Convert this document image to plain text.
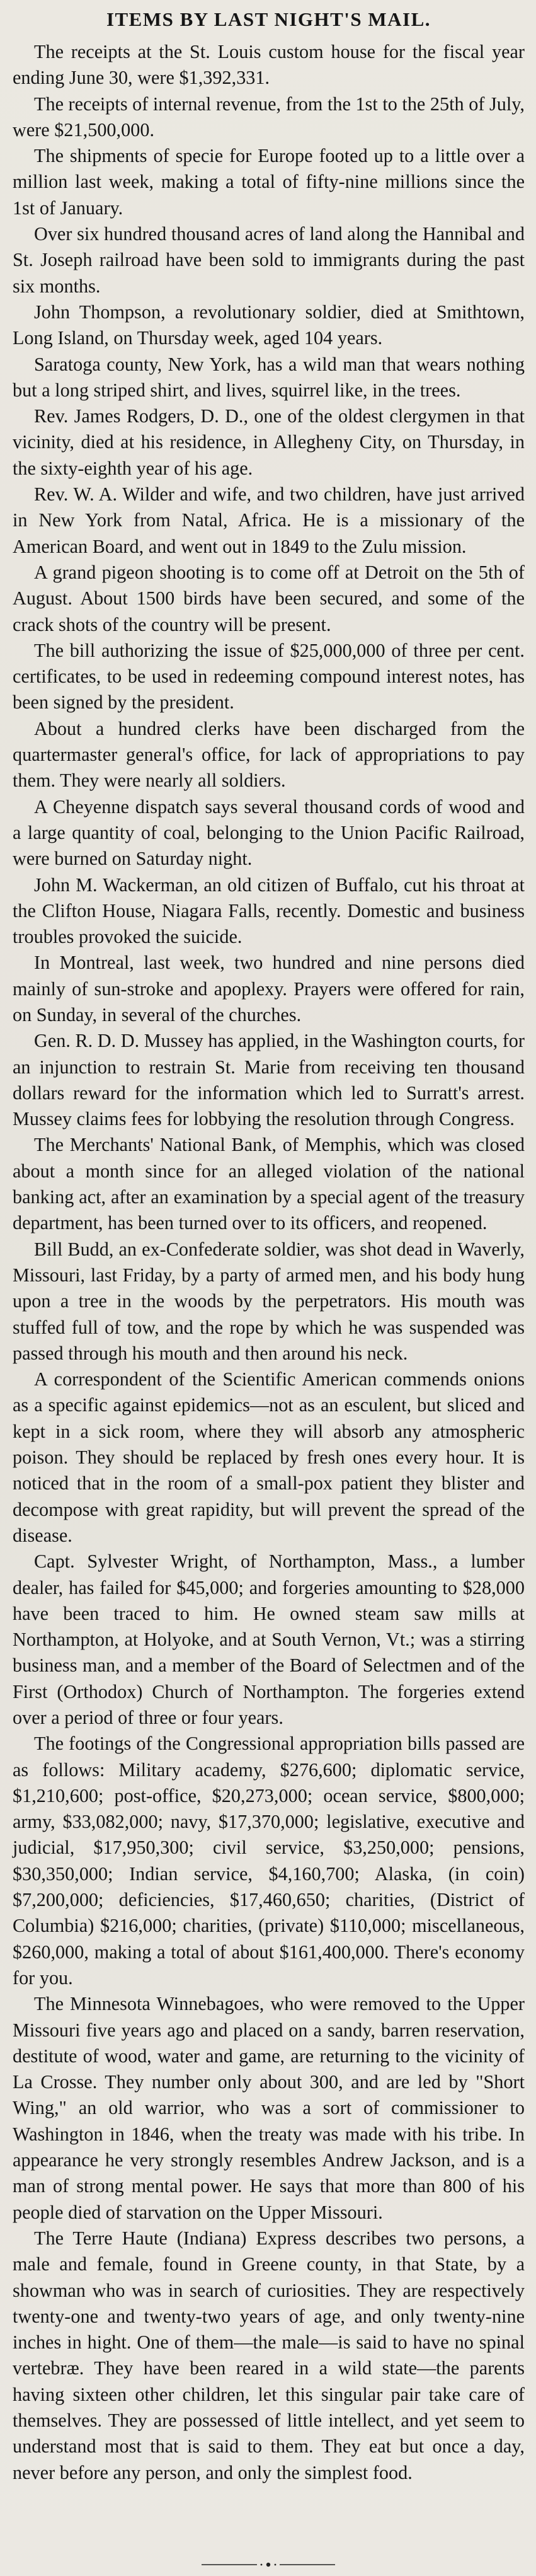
ITEMS BY LAST NIGHT'S MAIL.

The receipts at the St. Louis custom house for the fiscal year ending June 30, were $1,392,331.

The receipts of internal revenue, from the 1st to the 25th of July, were $21,500,000.

The shipments of specie for Europe footed up to a little over a million last week, making a total of fifty-nine millions since the 1st of January.

Over six hundred thousand acres of land along the Hannibal and St. Joseph railroad have been sold to immigrants during the past six months.

John Thompson, a revolutionary soldier, died at Smithtown, Long Island, on Thursday week, aged 104 years.

Saratoga county, New York, has a wild man that wears nothing but a long striped shirt, and lives, squirrel like, in the trees.

Rev. James Rodgers, D. D., one of the oldest clergymen in that vicinity, died at his residence, in Allegheny City, on Thursday, in the sixty-eighth year of his age.

Rev. W. A. Wilder and wife, and two children, have just arrived in New York from Natal, Africa. He is a missionary of the American Board, and went out in 1849 to the Zulu mission.

A grand pigeon shooting is to come off at Detroit on the 5th of August. About 1500 birds have been secured, and some of the crack shots of the country will be present.

The bill authorizing the issue of $25,000,000 of three per cent. certificates, to be used in redeeming compound interest notes, has been signed by the president.

About a hundred clerks have been discharged from the quartermaster general's office, for lack of appropriations to pay them. They were nearly all soldiers.

A Cheyenne dispatch says several thousand cords of wood and a large quantity of coal, belonging to the Union Pacific Railroad, were burned on Saturday night.

John M. Wackerman, an old citizen of Buffalo, cut his throat at the Clifton House, Niagara Falls, recently. Domestic and business troubles provoked the suicide.

In Montreal, last week, two hundred and nine persons died mainly of sun-stroke and apoplexy. Prayers were offered for rain, on Sunday, in several of the churches.

Gen. R. D. D. Mussey has applied, in the Washington courts, for an injunction to restrain St. Marie from receiving ten thousand dollars reward for the information which led to Surratt's arrest. Mussey claims fees for lobbying the resolution through Congress.

The Merchants' National Bank, of Memphis, which was closed about a month since for an alleged violation of the national banking act, after an examination by a special agent of the treasury department, has been turned over to its officers, and reopened.

Bill Budd, an ex-Confederate soldier, was shot dead in Waverly, Missouri, last Friday, by a party of armed men, and his body hung upon a tree in the woods by the perpetrators. His mouth was stuffed full of tow, and the rope by which he was suspended was passed through his mouth and then around his neck.

A correspondent of the Scientific American commends onions as a specific against epidemics—not as an esculent, but sliced and kept in a sick room, where they will absorb any atmospheric poison. They should be replaced by fresh ones every hour. It is noticed that in the room of a small-pox patient they blister and decompose with great rapidity, but will prevent the spread of the disease.

Capt. Sylvester Wright, of Northampton, Mass., a lumber dealer, has failed for $45,000; and forgeries amounting to $28,000 have been traced to him. He owned steam saw mills at Northampton, at Holyoke, and at South Vernon, Vt.; was a stirring business man, and a member of the Board of Selectmen and of the First (Orthodox) Church of Northampton. The forgeries extend over a period of three or four years.

The footings of the Congressional appropriation bills passed are as follows: Military academy, $276,600; diplomatic service, $1,210,600; post-office, $20,273,000; ocean service, $800,000; army, $33,082,000; navy, $17,370,000; legislative, executive and judicial, $17,950,300; civil service, $3,250,000; pensions, $30,350,000; Indian service, $4,160,700; Alaska, (in coin) $7,200,000; deficiencies, $17,460,650; charities, (District of Columbia) $216,000; charities, (private) $110,000; miscellaneous, $260,000, making a total of about $161,400,000. There's economy for you.

The Minnesota Winnebagoes, who were removed to the Upper Missouri five years ago and placed on a sandy, barren reservation, destitute of wood, water and game, are returning to the vicinity of La Crosse. They number only about 300, and are led by "Short Wing," an old warrior, who was a sort of commissioner to Washington in 1846, when the treaty was made with his tribe. In appearance he very strongly resembles Andrew Jackson, and is a man of strong mental power. He says that more than 800 of his people died of starvation on the Upper Missouri.

The Terre Haute (Indiana) Express describes two persons, a male and female, found in Greene county, in that State, by a showman who was in search of curiosities. They are respectively twenty-one and twenty-two years of age, and only twenty-nine inches in hight. One of them—the male—is said to have no spinal vertebræ. They have been reared in a wild state—the parents having sixteen other children, let this singular pair take care of themselves. They are possessed of little intellect, and yet seem to understand most that is said to them. They eat but once a day, never before any person, and only the simplest food.
